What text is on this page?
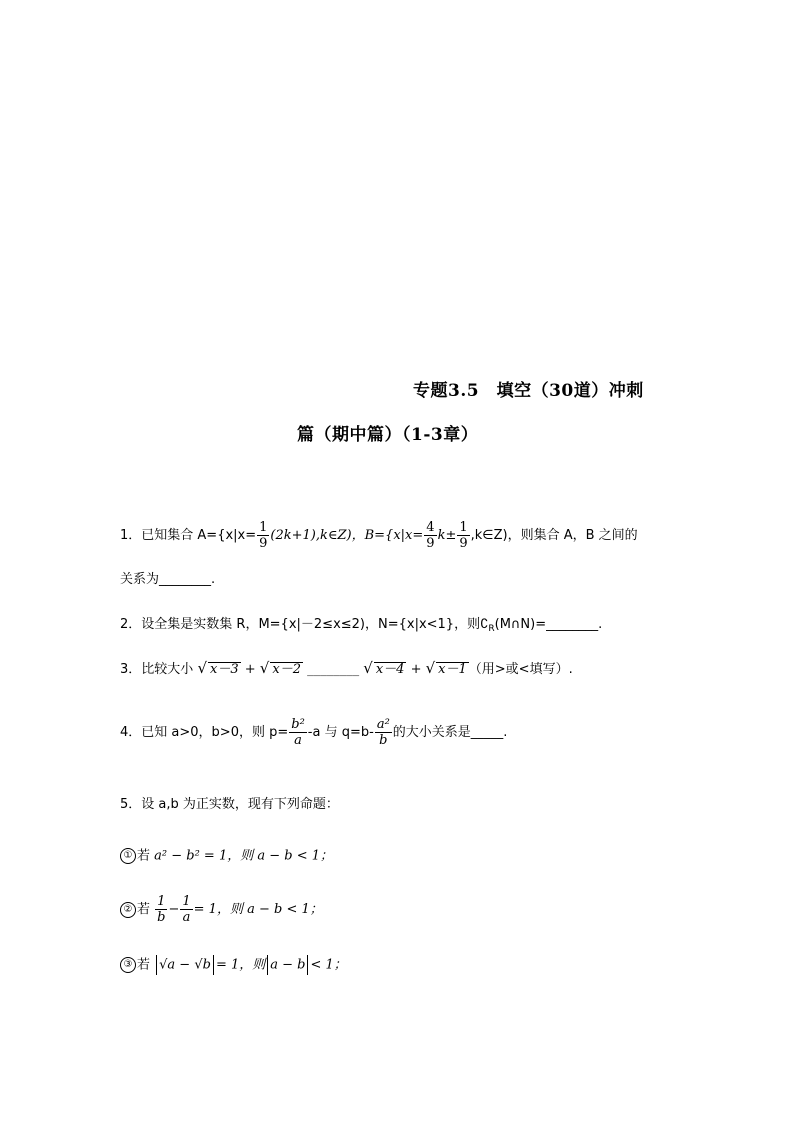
专题3.5　填空（30道）冲刺
篇（期中篇）（1-3章）
1．已知集合 $A=\{x|x= \frac{1}{9}$ (2k+1),k∈Z)，$B=\{x|x= \frac{4}{9} k\pm \frac{1}{9}$ ,k∈Z)，则集合 A，B 之间的
关系为________.
2．设全集是实数集 R，M={x|－2≤x≤2)，N={x|x<1}，则$∁_R(M\cap N)=\_\_\_\_\_\_\_\_$.
3．比较大小 √ x－3 + √ x－2 ________ √ x－4 + √ x－1 （用>或<填写）.
4．已知 a>0，b>0，则 $p= \frac{\text{b²}}{a} -a$ 与 $q=b- \frac{\text{a²}}{b}$ 的大小关系是_____.
5．设 a,b 为正实数，现有下列命题：
① 若 a² − b² = 1，则 a − b < 1；
② 若 $\frac{1}{b} - \frac{1}{a} = 1$，则 a − b < 1；
③ 若 √a − √b = 1，则 a − b < 1；
